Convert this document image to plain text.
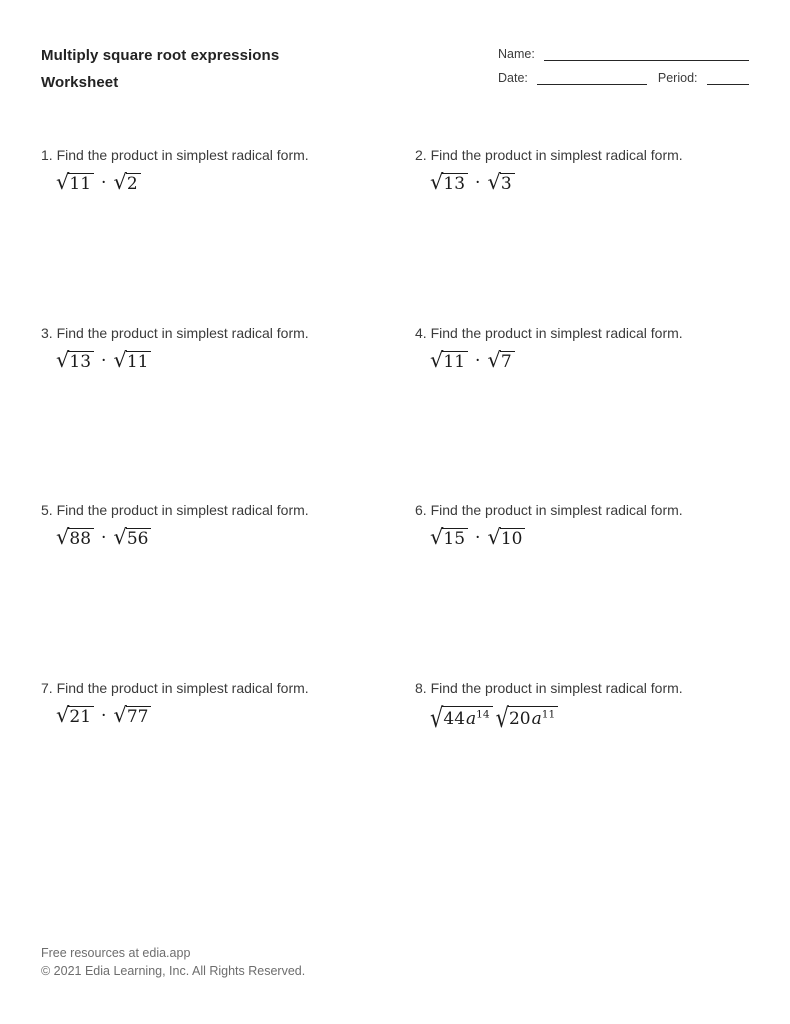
Multiply square root expressions
Worksheet
Name:
Date:	Period:
1. Find the product in simplest radical form.
√ 11 · √ 2
2. Find the product in simplest radical form.
√ 13 · √ 3
3. Find the product in simplest radical form.
√ 13 · √ 11
4. Find the product in simplest radical form.
√ 11 · √ 7
5. Find the product in simplest radical form.
√ 88 · √ 56
6. Find the product in simplest radical form.
√ 15 · √ 10
7. Find the product in simplest radical form.
√ 21 · √ 77
8. Find the product in simplest radical form.
√ $44a^{14}$ √ $20a^{11}$
Free resources at edia.app
© 2021 Edia Learning, Inc. All Rights Reserved.
